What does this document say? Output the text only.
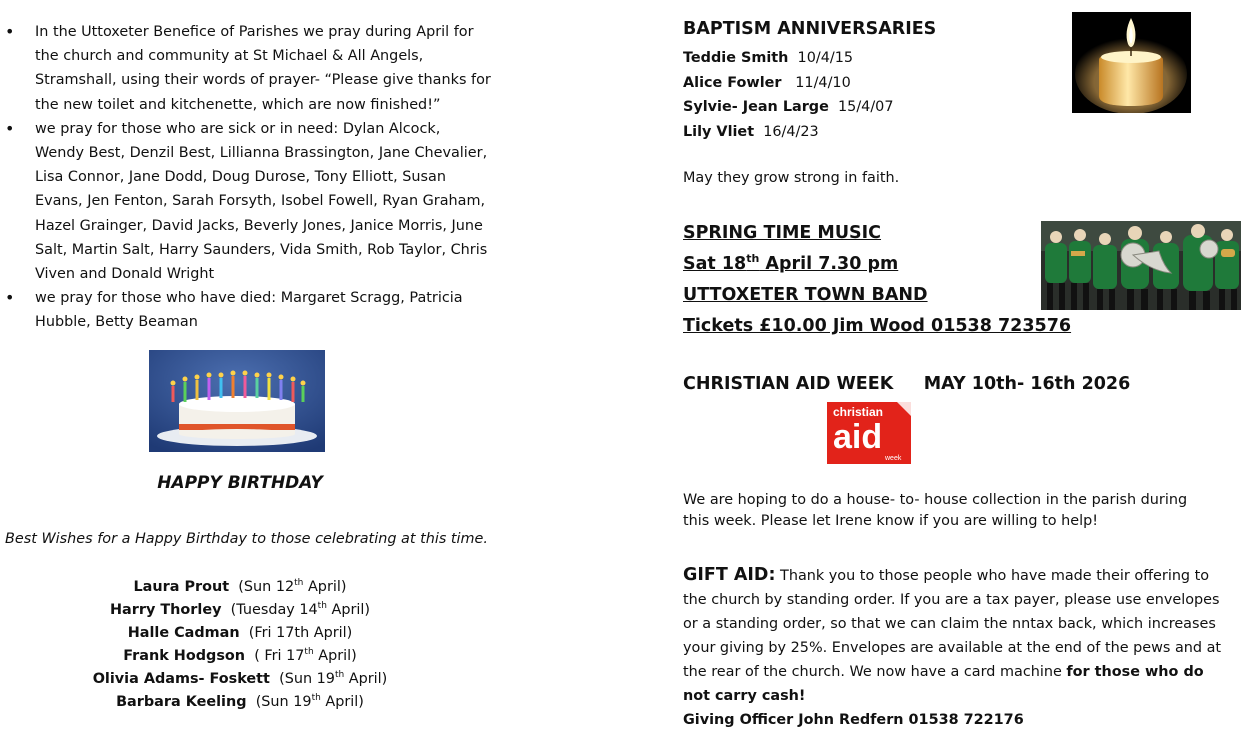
• In the Uttoxeter Benefice of Parishes we pray during April for the church and community at St Michael & All Angels, Stramshall, using their words of prayer- “Please give thanks for the new toilet and kitchenette, which are now finished!”
• we pray for those who are sick or in need: Dylan Alcock, Wendy Best, Denzil Best, Lillianna Brassington, Jane Chevalier, Lisa Connor, Jane Dodd, Doug Durose, Tony Elliott, Susan Evans, Jen Fenton, Sarah Forsyth, Isobel Fowell, Ryan Graham, Hazel Grainger, David Jacks, Beverly Jones, Janice Morris, June Salt, Martin Salt, Harry Saunders, Vida Smith, Rob Taylor, Chris Viven and Donald Wright
• we pray for those who have died: Margaret Scragg, Patricia Hubble, Betty Beaman
HAPPY BIRTHDAY
Best Wishes for a Happy Birthday to those celebrating at this time.
Laura Prout (Sun 12th April)
Harry Thorley (Tuesday 14th April)
Halle Cadman (Fri 17th April)
Frank Hodgson ( Fri 17th April)
Olivia Adams- Foskett (Sun 19th April)
Barbara Keeling (Sun 19th April)
BAPTISM ANNIVERSARIES
Teddie Smith 10/4/15
Alice Fowler 11/4/10
Sylvie- Jean Large 15/4/07
Lily Vliet 16/4/23
May they grow strong in faith.
SPRING TIME MUSIC
Sat 18th April 7.30 pm
UTTOXETER TOWN BAND
Tickets £10.00 Jim Wood 01538 723576
CHRISTIAN AID WEEK     MAY 10th- 16th 2026
christian
aid
week
We are hoping to do a house- to- house collection in the parish during this week. Please let Irene know if you are willing to help!
GIFT AID: Thank you to those people who have made their offering to the church by standing order. If you are a tax payer, please use envelopes or a standing order, so that we can claim the nntax back, which increases your giving by 25%. Envelopes are available at the end of the pews and at the rear of the church. We now have a card machine for those who do not carry cash!
Giving Officer John Redfern 01538 722176
